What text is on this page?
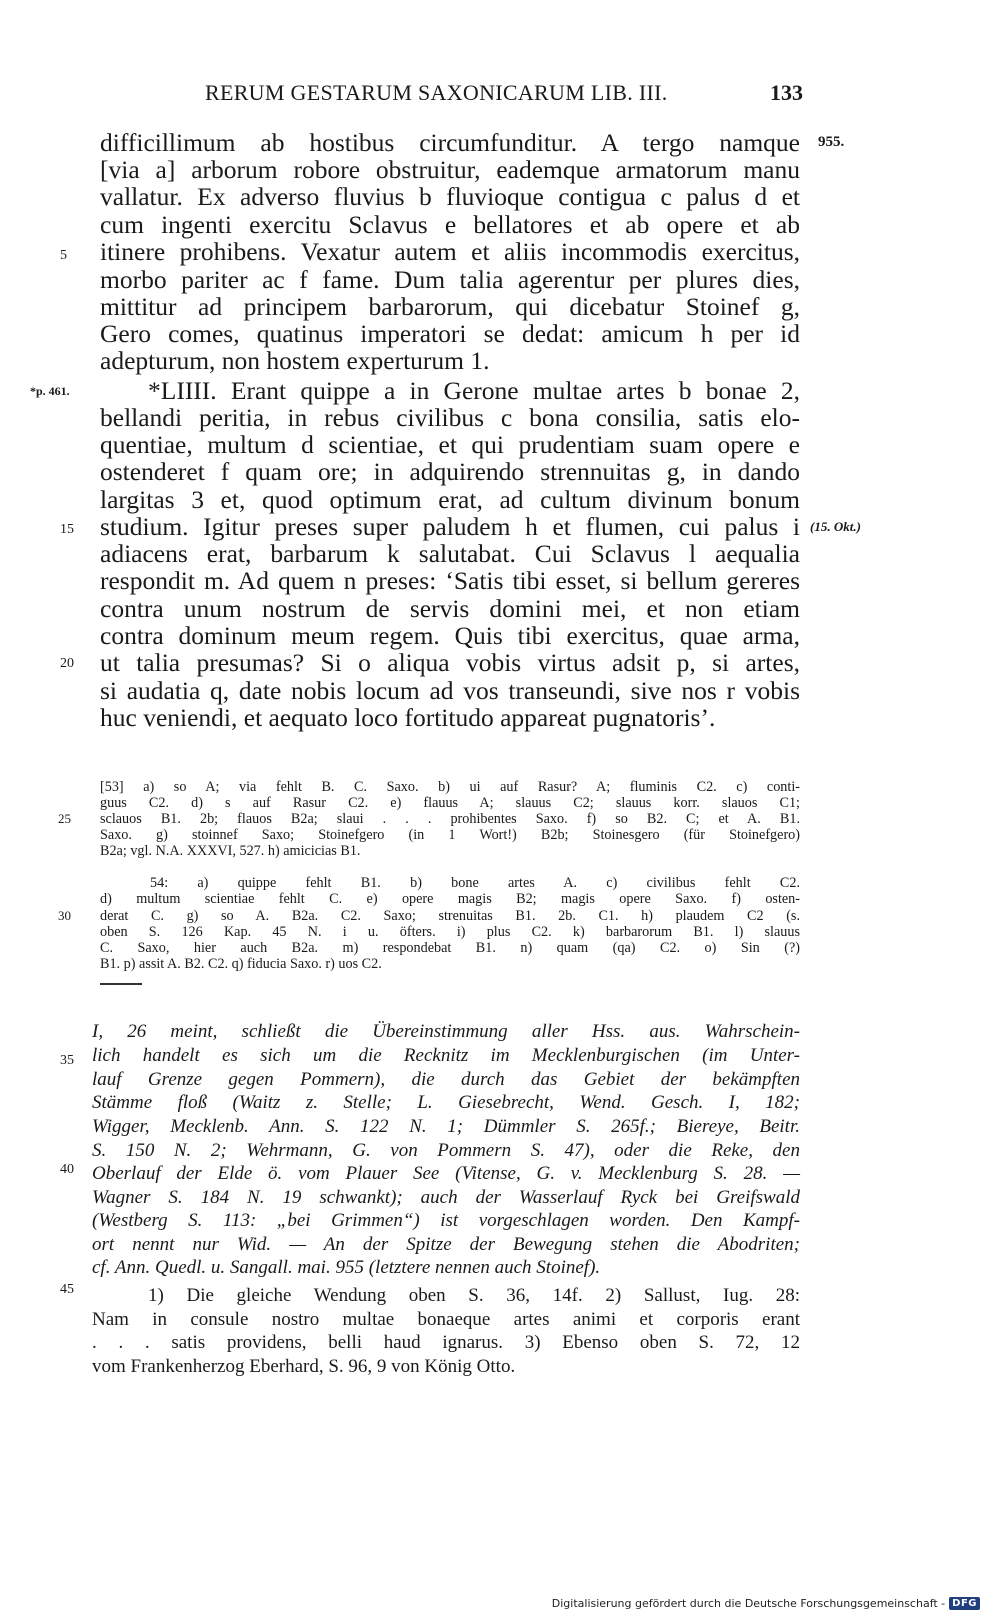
RERUM GESTARUM SAXONICARUM LIB. III.	133
955.
*p. 461.
(15. Okt.)
5
15
20
difficillimum ab hostibus circumfunditur. A tergo namque
[via a] arborum robore obstruitur, eademque armatorum manu
vallatur. Ex adverso fluvius b fluvioque contigua c palus d et
cum ingenti exercitu Sclavus e bellatores et ab opere et ab
itinere prohibens. Vexatur autem et aliis incommodis exercitus,
morbo pariter ac f fame. Dum talia agerentur per plures dies,
mittitur ad principem barbarorum, qui dicebatur Stoinef g,
Gero comes, quatinus imperatori se dedat: amicum h per id
adepturum, non hostem experturum 1.
*LIIII. Erant quippe a in Gerone multae artes b bonae 2,
bellandi peritia, in rebus civilibus c bona consilia, satis elo-
quentiae, multum d scientiae, et qui prudentiam suam opere e
ostenderet f quam ore; in adquirendo strennuitas g, in dando
largitas 3 et, quod optimum erat, ad cultum divinum bonum
studium. Igitur preses super paludem h et flumen, cui palus i
adiacens erat, barbarum k salutabat. Cui Sclavus l aequalia
respondit m. Ad quem n preses: ‘Satis tibi esset, si bellum gereres
contra unum nostrum de servis domini mei, et non etiam
contra dominum meum regem. Quis tibi exercitus, quae arma,
ut talia presumas? Si o aliqua vobis virtus adsit p, si artes,
si audatia q, date nobis locum ad vos transeundi, sive nos r vobis
huc veniendi, et aequato loco fortitudo appareat pugnatoris’.
25
30
[53] a) so A; via fehlt B. C. Saxo. b) ui auf Rasur? A; fluminis C2. c) conti-
guus C2. d) s auf Rasur C2. e) flauus A; slauus C2; slauus korr. slauos C1;
sclauos B1. 2b; flauos B2a; slaui . . . prohibentes Saxo. f) so B2. C; et A. B1.
Saxo. g) stoinnef Saxo; Stoinefgero (in 1 Wort!) B2b; Stoinesgero (für Stoinefgero)
B2a; vgl. N.A. XXXVI, 527. h) amicicias B1.
54: a) quippe fehlt B1. b) bone artes A. c) civilibus fehlt C2.
d) multum scientiae fehlt C. e) opere magis B2; magis opere Saxo. f) osten-
derat C. g) so A. B2a. C2. Saxo; strenuitas B1. 2b. C1. h) plaudem C2 (s.
oben S. 126 Kap. 45 N. i u. öfters. i) plus C2. k) barbarorum B1. l) slauus
C. Saxo, hier auch B2a. m) respondebat B1. n) quam (qa) C2. o) Sin (?)
B1. p) assit A. B2. C2. q) fiducia Saxo. r) uos C2.
35
40
45
I, 26 meint, schließt die Übereinstimmung aller Hss. aus. Wahrschein-
lich handelt es sich um die Recknitz im Mecklenburgischen (im Unter-
lauf Grenze gegen Pommern), die durch das Gebiet der bekämpften
Stämme floß (Waitz z. Stelle; L. Giesebrecht, Wend. Gesch. I, 182;
Wigger, Mecklenb. Ann. S. 122 N. 1; Dümmler S. 265f.; Biereye, Beitr.
S. 150 N. 2; Wehrmann, G. von Pommern S. 47), oder die Reke, den
Oberlauf der Elde ö. vom Plauer See (Vitense, G. v. Mecklenburg S. 28. —
Wagner S. 184 N. 19 schwankt); auch der Wasserlauf Ryck bei Greifswald
(Westberg S. 113: „bei Grimmen“) ist vorgeschlagen worden. Den Kampf-
ort nennt nur Wid. — An der Spitze der Bewegung stehen die Abodriten;
cf. Ann. Quedl. u. Sangall. mai. 955 (letztere nennen auch Stoinef).
1) Die gleiche Wendung oben S. 36, 14f. 2) Sallust, Iug. 28:
Nam in consule nostro multae bonaeque artes animi et corporis erant
. . . satis providens, belli haud ignarus. 3) Ebenso oben S. 72, 12
vom Frankenherzog Eberhard, S. 96, 9 von König Otto.
Digitalisierung gefördert durch die Deutsche Forschungsgemeinschaft - DFG
